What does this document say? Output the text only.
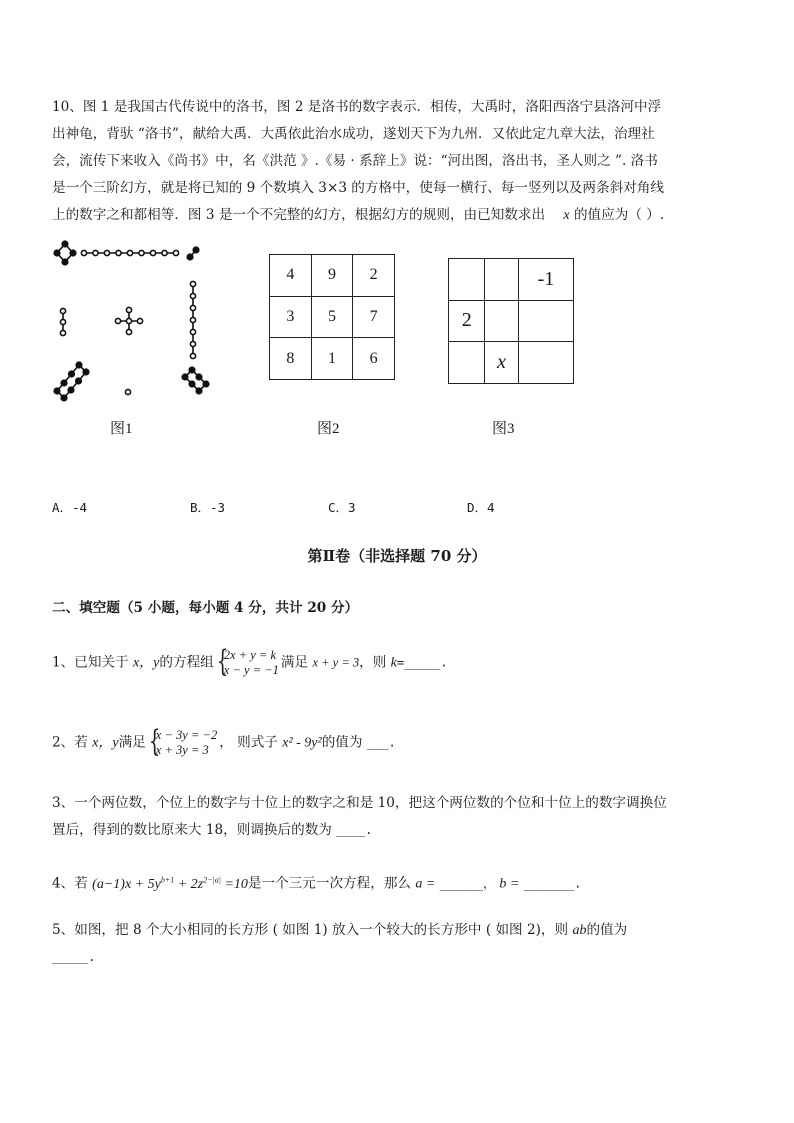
10、图 1 是我国古代传说中的洛书，图 2 是洛书的数字表示．相传，大禹时，洛阳西洛宁县洛河中浮
出神龟，背驮 “洛书”，献给大禹．大禹依此治水成功，遂划天下为九州．又依此定九章大法，治理社
会，流传下来收入《尚书》中，名《洪范 》.《易 · 系辞上》说：“河出图，洛出书，圣人则之 ”. 洛书
是一个三阶幻方，就是将已知的 9 个数填入 3×3 的方格中，使每一横行、每一竖列以及两条斜对角线
上的数字之和都相等．图 3 是一个不完整的幻方，根据幻方的规则，由已知数求出 x 的值应为（ ）.
4	9	2
3	5	7
8	1	6
		-1
2		
	x	
图1	图2	图3
A．-4	B．-3	C．3	D．4
第Ⅱ卷（非选择题 70 分）
二、填空题（5 小题，每小题 4 分，共计 20 分）
1、已知关于 x，y的方程组 { 2x + y = k
x − y = −1 满足 x + y = 3，则 k=_____.
2、若 x，y满足 { x − 3y = −2
x + 3y = 3 ， 则式子 x² - 9y²的值为 ___.
3、一个两位数，个位上的数字与十位上的数字之和是 10，把这个两位数的个位和十位上的数字调换位
置后，得到的数比原来大 18，则调换后的数为 ____.
4、若 $(a-1)x + 5y^{b+1} + 2z^{2-|a|} =10$是一个三元一次方程，那么 a = ______， b = _______.
5、如图，把 8 个大小相同的长方形 ( 如图 1) 放入一个较大的长方形中 ( 如图 2)，则 ab的值为
_____.
